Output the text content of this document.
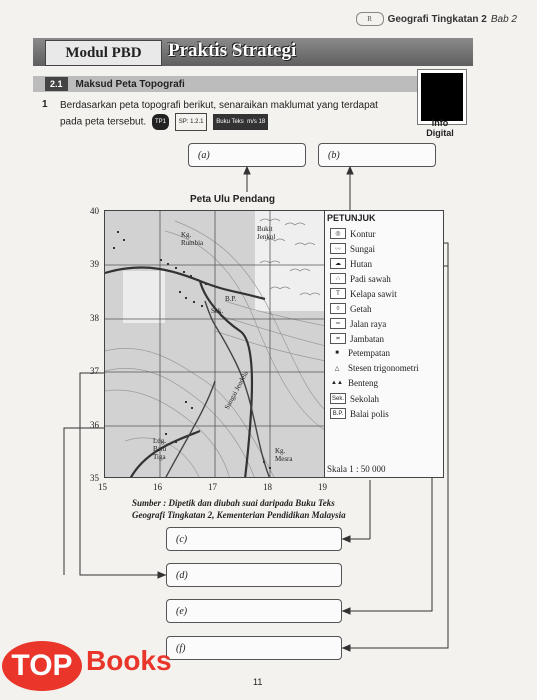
R	Geografi Tingkatan 2 Bab 2
Modul PBD	Praktis Strategi
2.1	Maksud Peta Topografi
Info
Digital
1 Berdasarkan peta topografi berikut, senaraikan maklumat yang terdapat pada peta tersebut. TP1 SP: 1.2.1 Buku Teks m/s 18
(a)	(b)
(c)
(d)
(e)
(f)
Peta Ulu Pendang
Kg.
Rumbia
Bukit
Jenkol
B.P.
Sek.
Sungai Jendela
Ldg.
Batu
Tiga
Kg.
Mesra
40
39
38
37
36
35
15	16	17	18	19
PETUNJUK
◎	Kontur
〰	Sungai
☁	Hutan
∴	Padi sawah
T	Kelapa sawit
◊	Getah
═	Jalan raya
≍	Jambatan
■	Petempatan
△ Stesen trigonometri
▲▲ Benteng
Sek. Sekolah
B.P. Balai polis
Skala 1 : 50 000
Sumber : Dipetik dan diubah suai daripada Buku Teks
Geografi Tingkatan 2, Kementerian Pendidikan Malaysia
11
TOP Books
